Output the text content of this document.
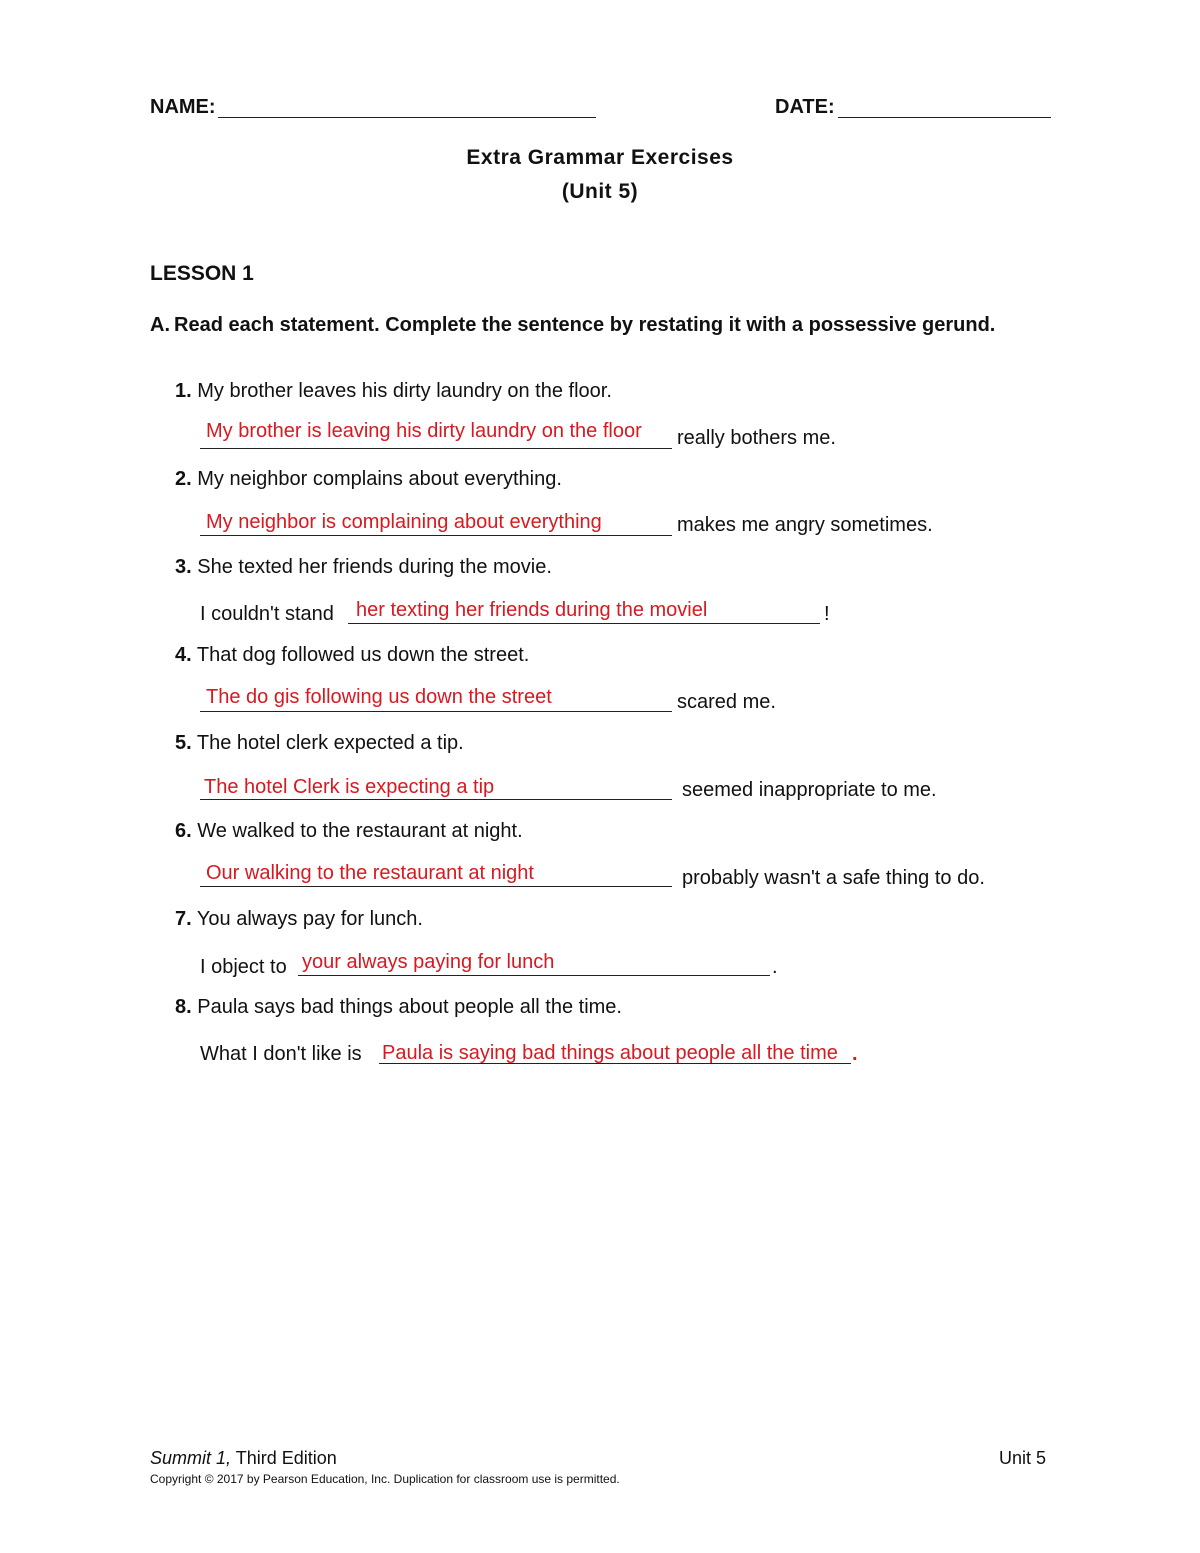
NAME:	DATE:
Extra Grammar Exercises
(Unit 5)
LESSON 1
A. Read each statement. Complete the sentence by restating it with a possessive gerund.
1. My brother leaves his dirty laundry on the floor.
My brother is leaving his dirty laundry on the floor really bothers me.
2. My neighbor complains about everything.
My neighbor is complaining about everything	makes me angry sometimes.
3. She texted her friends during the movie.
I couldn't stand her texting her friends during the moviel	!
4. That dog followed us down the street.
The do gis following us down the street	scared me.
5. The hotel clerk expected a tip.
The hotel Clerk is expecting a tip	seemed inappropriate to me.
6. We walked to the restaurant at night.
Our walking to the restaurant at night	probably wasn't a safe thing to do.
7. You always pay for lunch.
I object to your always paying for lunch	.
8. Paula says bad things about people all the time.
What I don't like is Paula is saying bad things about people all the time .
Summit 1, Third Edition	Unit 5
Copyright © 2017 by Pearson Education, Inc. Duplication for classroom use is permitted.
